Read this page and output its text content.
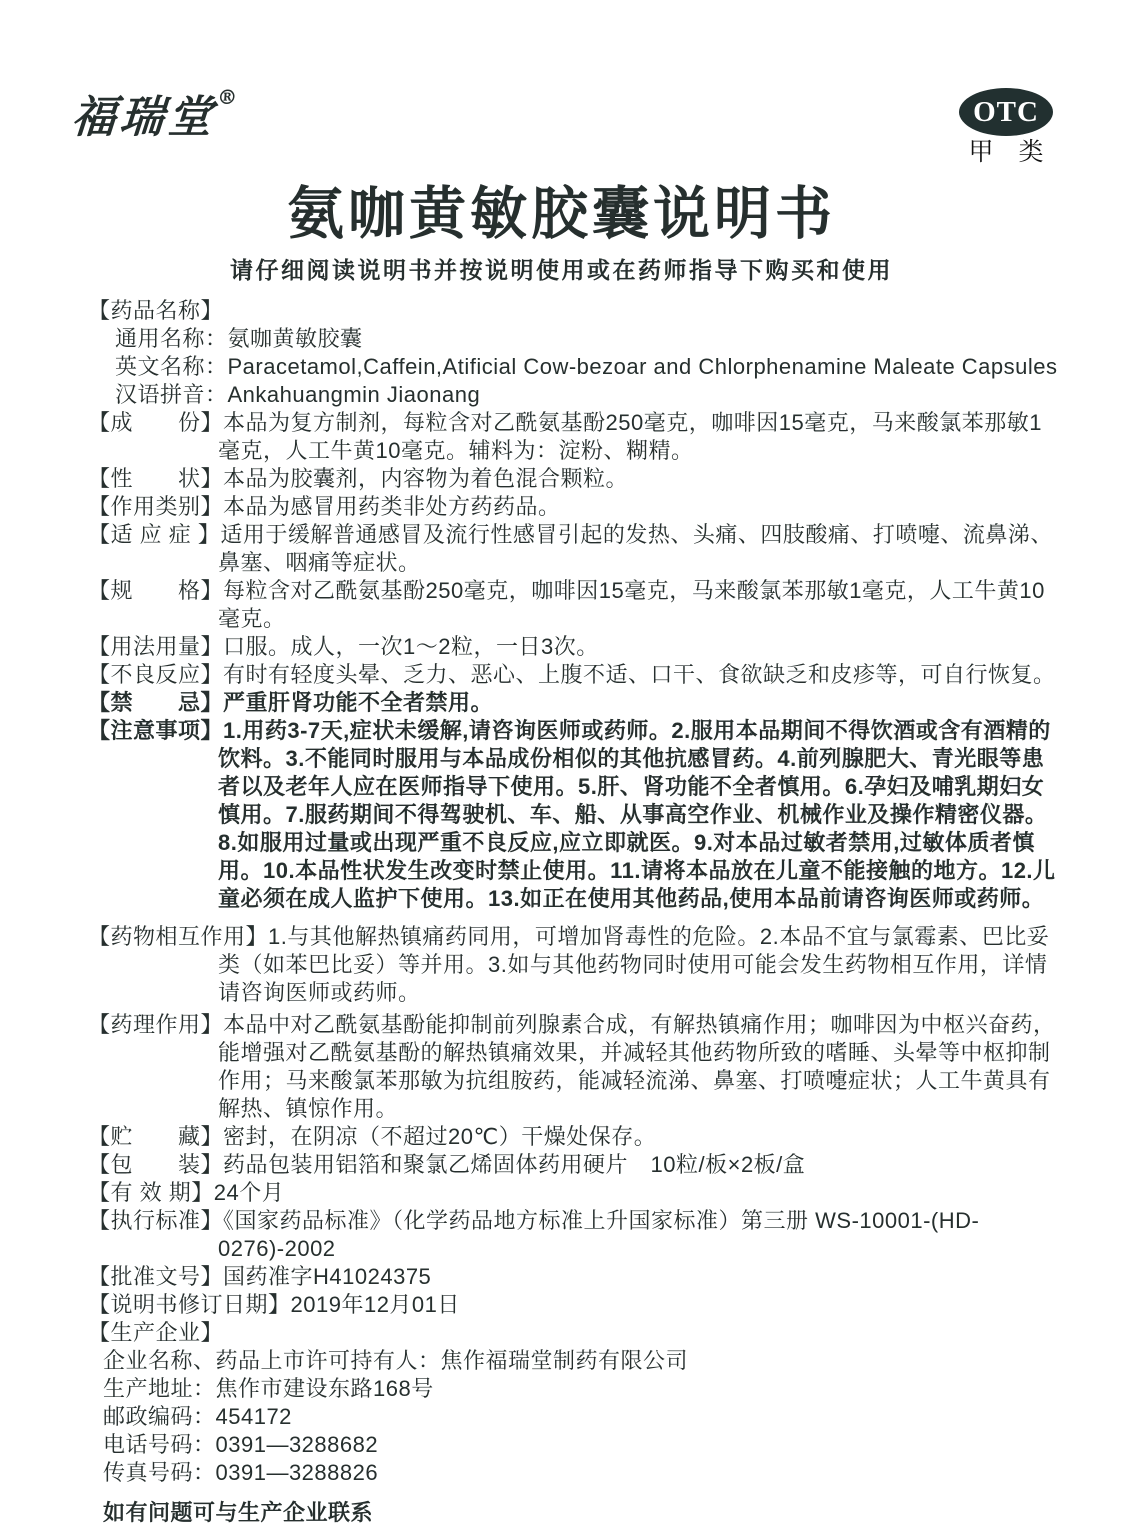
福瑞堂®	OTC
甲　类
氨咖黄敏胶囊说明书

请仔细阅读说明书并按说明使用或在药师指导下购买和使用

【药品名称】

通用名称：氨咖黄敏胶囊

英文名称：Paracetamol,Caffein,Atificial Cow-bezoar and Chlorphenamine Maleate Capsules

汉语拼音：Ankahuangmin Jiaonang

【成　　份】本品为复方制剂，每粒含对乙酰氨基酚250毫克，咖啡因15毫克，马来酸氯苯那敏1毫克，人工牛黄10毫克。辅料为：淀粉、糊精。

【性　　状】本品为胶囊剂，内容物为着色混合颗粒。

【作用类别】本品为感冒用药类非处方药药品。

【适 应 症 】适用于缓解普通感冒及流行性感冒引起的发热、头痛、四肢酸痛、打喷嚏、流鼻涕、鼻塞、咽痛等症状。

【规　　格】每粒含对乙酰氨基酚250毫克，咖啡因15毫克，马来酸氯苯那敏1毫克，人工牛黄10毫克。

【用法用量】口服。成人，一次1～2粒，一日3次。

【不良反应】有时有轻度头晕、乏力、恶心、上腹不适、口干、食欲缺乏和皮疹等，可自行恢复。

【禁　　忌】严重肝肾功能不全者禁用。

【注意事项】1.用药3-7天,症状未缓解,请咨询医师或药师。2.服用本品期间不得饮酒或含有酒精的饮料。3.不能同时服用与本品成份相似的其他抗感冒药。4.前列腺肥大、青光眼等患者以及老年人应在医师指导下使用。5.肝、肾功能不全者慎用。6.孕妇及哺乳期妇女慎用。7.服药期间不得驾驶机、车、船、从事高空作业、机械作业及操作精密仪器。8.如服用过量或出现严重不良反应,应立即就医。9.对本品过敏者禁用,过敏体质者慎用。10.本品性状发生改变时禁止使用。11.请将本品放在儿童不能接触的地方。12.儿童必须在成人监护下使用。13.如正在使用其他药品,使用本品前请咨询医师或药师。

【药物相互作用】1.与其他解热镇痛药同用，可增加肾毒性的危险。2.本品不宜与氯霉素、巴比妥类（如苯巴比妥）等并用。3.如与其他药物同时使用可能会发生药物相互作用，详情请咨询医师或药师。

【药理作用】本品中对乙酰氨基酚能抑制前列腺素合成，有解热镇痛作用；咖啡因为中枢兴奋药，能增强对乙酰氨基酚的解热镇痛效果，并减轻其他药物所致的嗜睡、头晕等中枢抑制作用；马来酸氯苯那敏为抗组胺药，能减轻流涕、鼻塞、打喷嚏症状；人工牛黄具有解热、镇惊作用。

【贮　　藏】密封，在阴凉（不超过20℃）干燥处保存。

【包　　装】药品包装用铝箔和聚氯乙烯固体药用硬片　10粒/板×2板/盒

【有 效 期】24个月

【执行标准】《国家药品标准》（化学药品地方标准上升国家标准）第三册 WS-10001-(HD-0276)-2002

【批准文号】国药准字H41024375

【说明书修订日期】2019年12月01日

【生产企业】

企业名称、药品上市许可持有人：焦作福瑞堂制药有限公司

生产地址：焦作市建设东路168号

邮政编码：454172

电话号码：0391—3288682

传真号码：0391—3288826

如有问题可与生产企业联系
